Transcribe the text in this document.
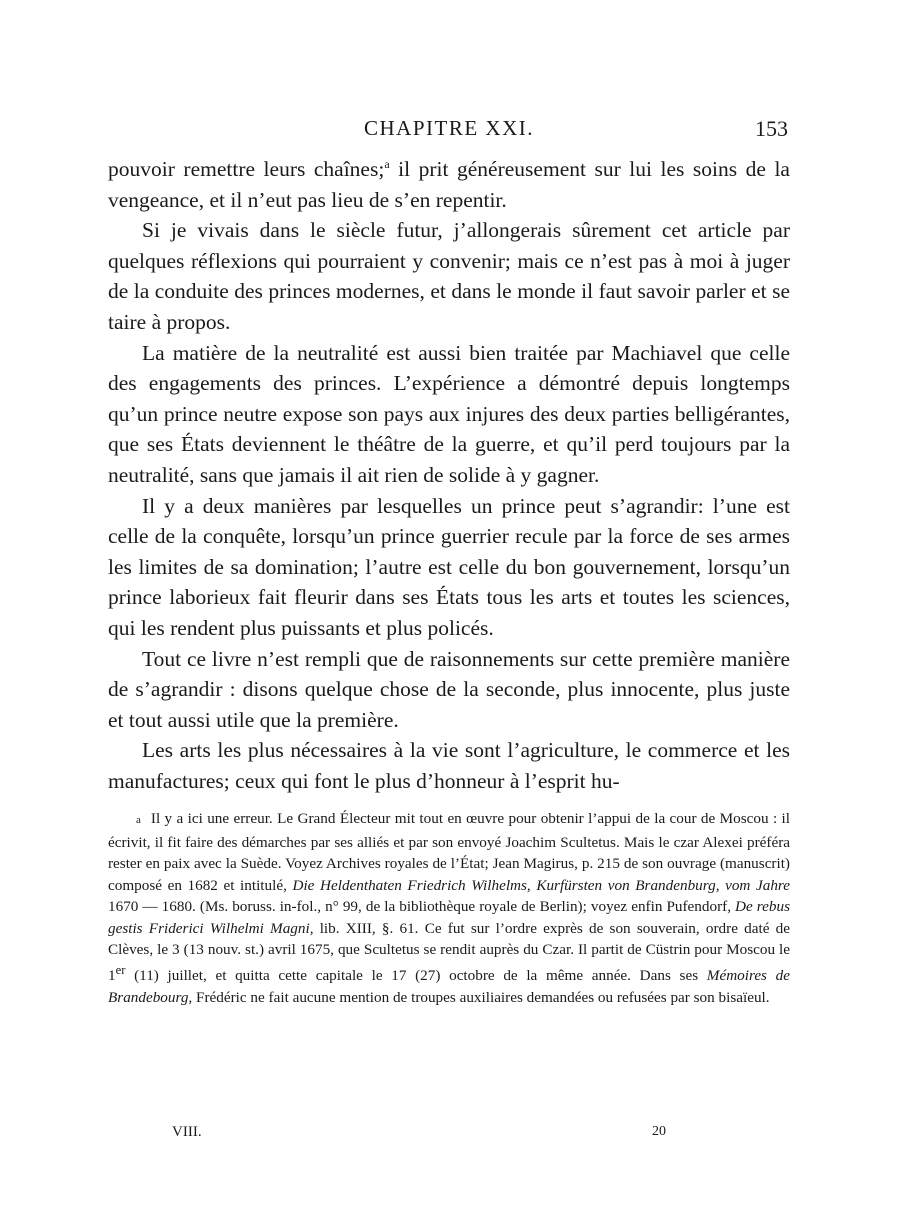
CHAPITRE XXI.	153

pouvoir remettre leurs chaînes;$^a$ il prit généreusement sur lui les soins de la vengeance, et il n’eut pas lieu de s’en repentir.

Si je vivais dans le siècle futur, j’allongerais sûrement cet article par quelques réflexions qui pourraient y convenir; mais ce n’est pas à moi à juger de la conduite des princes modernes, et dans le monde il faut savoir parler et se taire à propos.

La matière de la neutralité est aussi bien traitée par Machiavel que celle des engagements des princes. L’expérience a démontré depuis longtemps qu’un prince neutre expose son pays aux injures des deux parties belligérantes, que ses États deviennent le théâtre de la guerre, et qu’il perd toujours par la neutralité, sans que jamais il ait rien de solide à y gagner.

Il y a deux manières par lesquelles un prince peut s’agrandir: l’une est celle de la conquête, lorsqu’un prince guerrier recule par la force de ses armes les limites de sa domination; l’autre est celle du bon gouvernement, lorsqu’un prince laborieux fait fleurir dans ses États tous les arts et toutes les sciences, qui les rendent plus puissants et plus policés.

Tout ce livre n’est rempli que de raisonnements sur cette première manière de s’agrandir : disons quelque chose de la seconde, plus innocente, plus juste et tout aussi utile que la première.

Les arts les plus nécessaires à la vie sont l’agriculture, le commerce et les manufactures; ceux qui font le plus d’honneur à l’esprit hu-

a Il y a ici une erreur. Le Grand Électeur mit tout en œuvre pour obtenir l’appui de la cour de Moscou : il écrivit, il fit faire des démarches par ses alliés et par son envoyé Joachim Scultetus. Mais le czar Alexei préféra rester en paix avec la Suède. Voyez Archives royales de l’État; Jean Magirus, p. 215 de son ouvrage (manuscrit) composé en 1682 et intitulé, Die Heldenthaten Friedrich Wilhelms, Kurfürsten von Brandenburg, vom Jahre 1670 — 1680. (Ms. boruss. in-fol., n° 99, de la bibliothèque royale de Berlin); voyez enfin Pufendorf, De rebus gestis Friderici Wilhelmi Magni, lib. XIII, §. 61. Ce fut sur l’ordre exprès de son souverain, ordre daté de Clèves, le 3 (13 nouv. st.) avril 1675, que Scultetus se rendit auprès du Czar. Il partit de Cüstrin pour Moscou le 1er (11) juillet, et quitta cette capitale le 17 (27) octobre de la même année. Dans ses Mémoires de Brandebourg, Frédéric ne fait aucune mention de troupes auxiliaires demandées ou refusées par son bisaïeul.

VIII.	20
